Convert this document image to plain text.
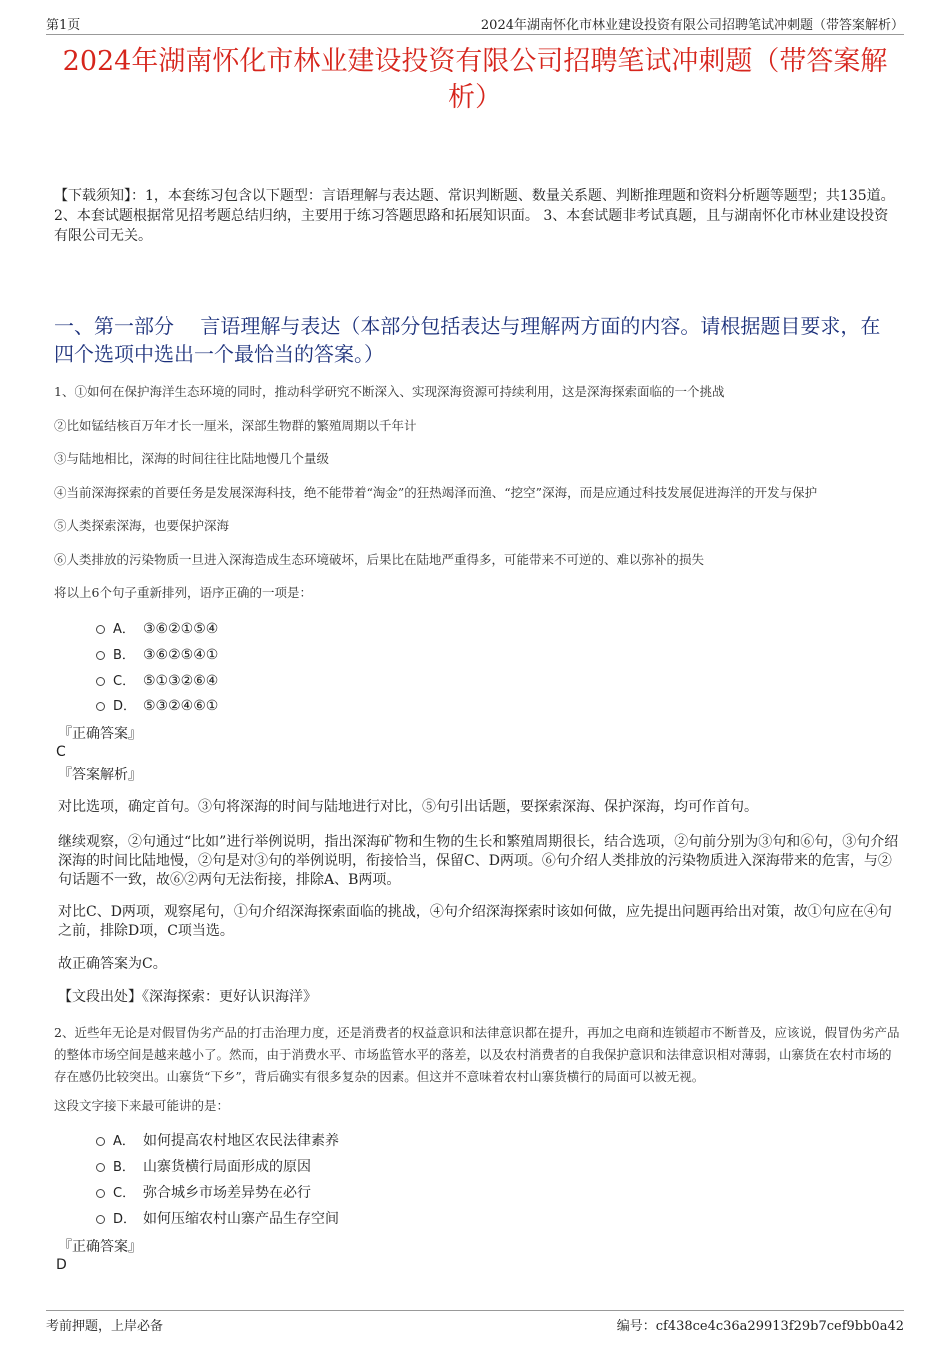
第1页	2024年湖南怀化市林业建设投资有限公司招聘笔试冲刺题（带答案解析）
2024年湖南怀化市林业建设投资有限公司招聘笔试冲刺题（带答案解析）
【下载须知】：1，本套练习包含以下题型：言语理解与表达题、常识判断题、数量关系题、判断推理题和资料分析题等题型；共135道。 2、本套试题根据常见招考题总结归纳，主要用于练习答题思路和拓展知识面。 3、本套试题非考试真题，且与湖南怀化市林业建设投资有限公司无关。
一、第一部分　 言语理解与表达（本部分包括表达与理解两方面的内容。请根据题目要求，在四个选项中选出一个最恰当的答案。）
1、①如何在保护海洋生态环境的同时，推动科学研究不断深入、实现深海资源可持续利用，这是深海探索面临的一个挑战
②比如锰结核百万年才长一厘米，深部生物群的繁殖周期以千年计
③与陆地相比，深海的时间往往比陆地慢几个量级
④当前深海探索的首要任务是发展深海科技，绝不能带着“淘金”的狂热竭泽而渔、“挖空”深海，而是应通过科技发展促进海洋的开发与保护
⑤人类探索深海，也要保护深海
⑥人类排放的污染物质一旦进入深海造成生态环境破坏，后果比在陆地严重得多，可能带来不可逆的、难以弥补的损失
将以上6个句子重新排列，语序正确的一项是：
A． ③⑥②①⑤④
B． ③⑥②⑤④①
C． ⑤①③②⑥④
D． ⑤③②④⑥①
『正确答案』
C
『答案解析』
对比选项，确定首句。③句将深海的时间与陆地进行对比，⑤句引出话题，要探索深海、保护深海，均可作首句。
继续观察，②句通过“比如”进行举例说明，指出深海矿物和生物的生长和繁殖周期很长，结合选项，②句前分别为③句和⑥句，③句介绍深海的时间比陆地慢，②句是对③句的举例说明，衔接恰当，保留C、D两项。⑥句介绍人类排放的污染物质进入深海带来的危害，与②句话题不一致，故⑥②两句无法衔接，排除A、B两项。
对比C、D两项，观察尾句，①句介绍深海探索面临的挑战，④句介绍深海探索时该如何做，应先提出问题再给出对策，故①句应在④句之前，排除D项，C项当选。
故正确答案为C。
【文段出处】《深海探索：更好认识海洋》
2、近些年无论是对假冒伪劣产品的打击治理力度，还是消费者的权益意识和法律意识都在提升，再加之电商和连锁超市不断普及，应该说，假冒伪劣产品的整体市场空间是越来越小了。然而，由于消费水平、市场监管水平的落差，以及农村消费者的自我保护意识和法律意识相对薄弱，山寨货在农村市场的存在感仍比较突出。山寨货“下乡”，背后确实有很多复杂的因素。但这并不意味着农村山寨货横行的局面可以被无视。
这段文字接下来最可能讲的是：
A． 如何提高农村地区农民法律素养
B． 山寨货横行局面形成的原因
C． 弥合城乡市场差异势在必行
D． 如何压缩农村山寨产品生存空间
『正确答案』
D
考前押题，上岸必备	编号：cf438ce4c36a29913f29b7cef9bb0a42
